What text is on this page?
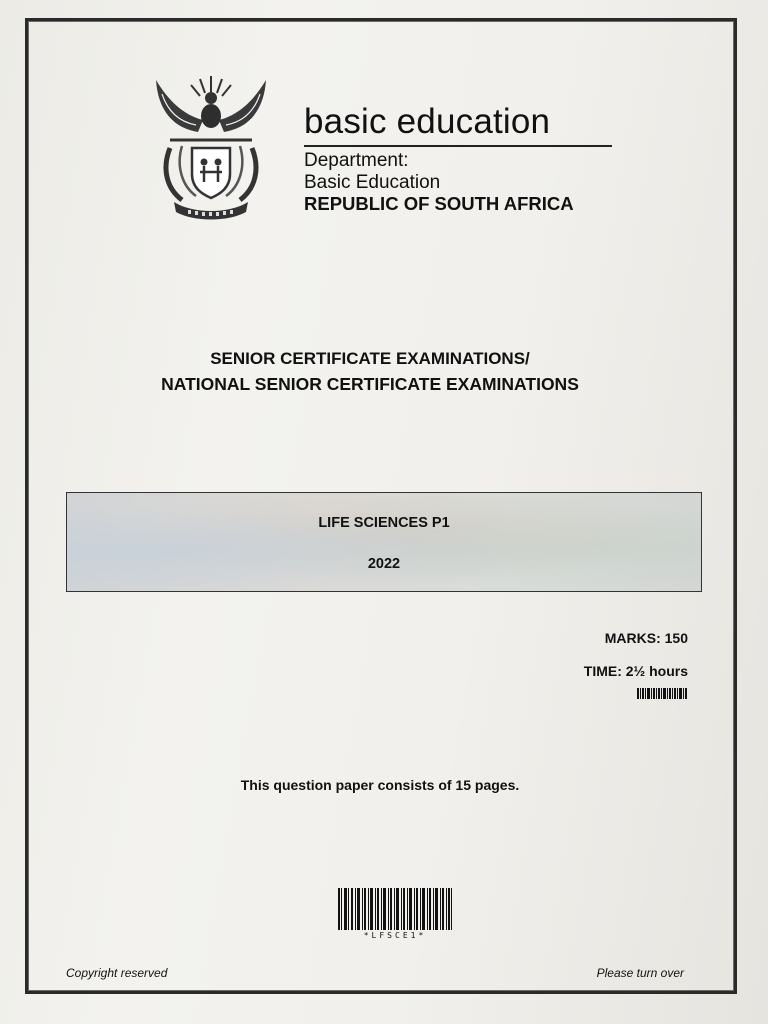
basic education
Department:
Basic Education
REPUBLIC OF SOUTH AFRICA
SENIOR CERTIFICATE EXAMINATIONS/
NATIONAL SENIOR CERTIFICATE EXAMINATIONS
LIFE SCIENCES P1
2022
MARKS: 150
TIME: 2½ hours
This question paper consists of 15 pages.
*LFSCE1*
Copyright reserved	Please turn over
